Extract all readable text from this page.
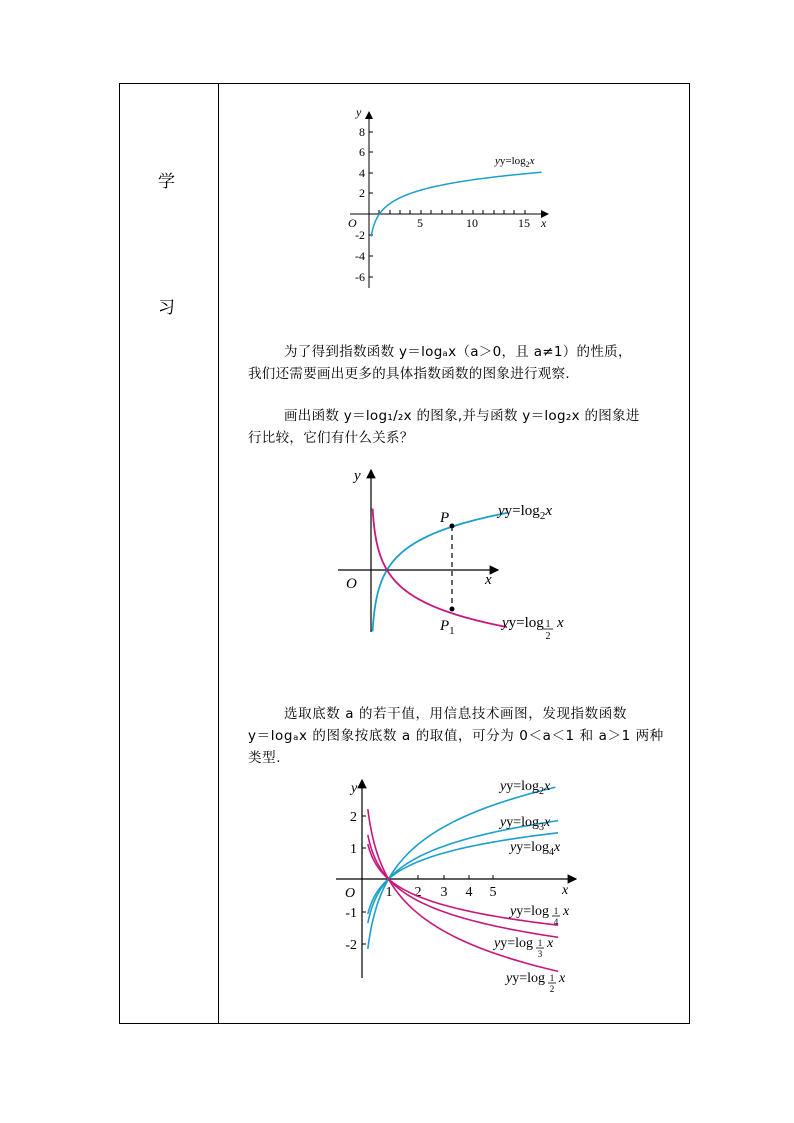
学
习
y
x
O
8
6
4
2
-2
-4
-6
5	10	15
$yy=\log_2x$
为了得到指数函数 y＝logₐx（a＞0，且 a≠1）的性质，
我们还需要画出更多的具体指数函数的图象进行观察.
画出函数 y＝log₁/₂x 的图象,并与函数 y＝log₂x 的图象进
行比较，它们有什么关系？
y
x
O
P
$P_1$
$yy=\log_2x$
yy=log 1
2
x
选取底数 a 的若干值，用信息技术画图，发现指数函数
y＝logₐx 的图象按底数 a 的取值，可分为 0＜a＜1 和 a＞1 两种
类型.
y
x
O
2
1
-1
-2
1 2 3 4 5
$yy=\log_2x$
$yy=\log_3x$
$yy=\log_4x$
yy=log 1
4
x
yy=log 1
3
x
yy=log 1
2
x
